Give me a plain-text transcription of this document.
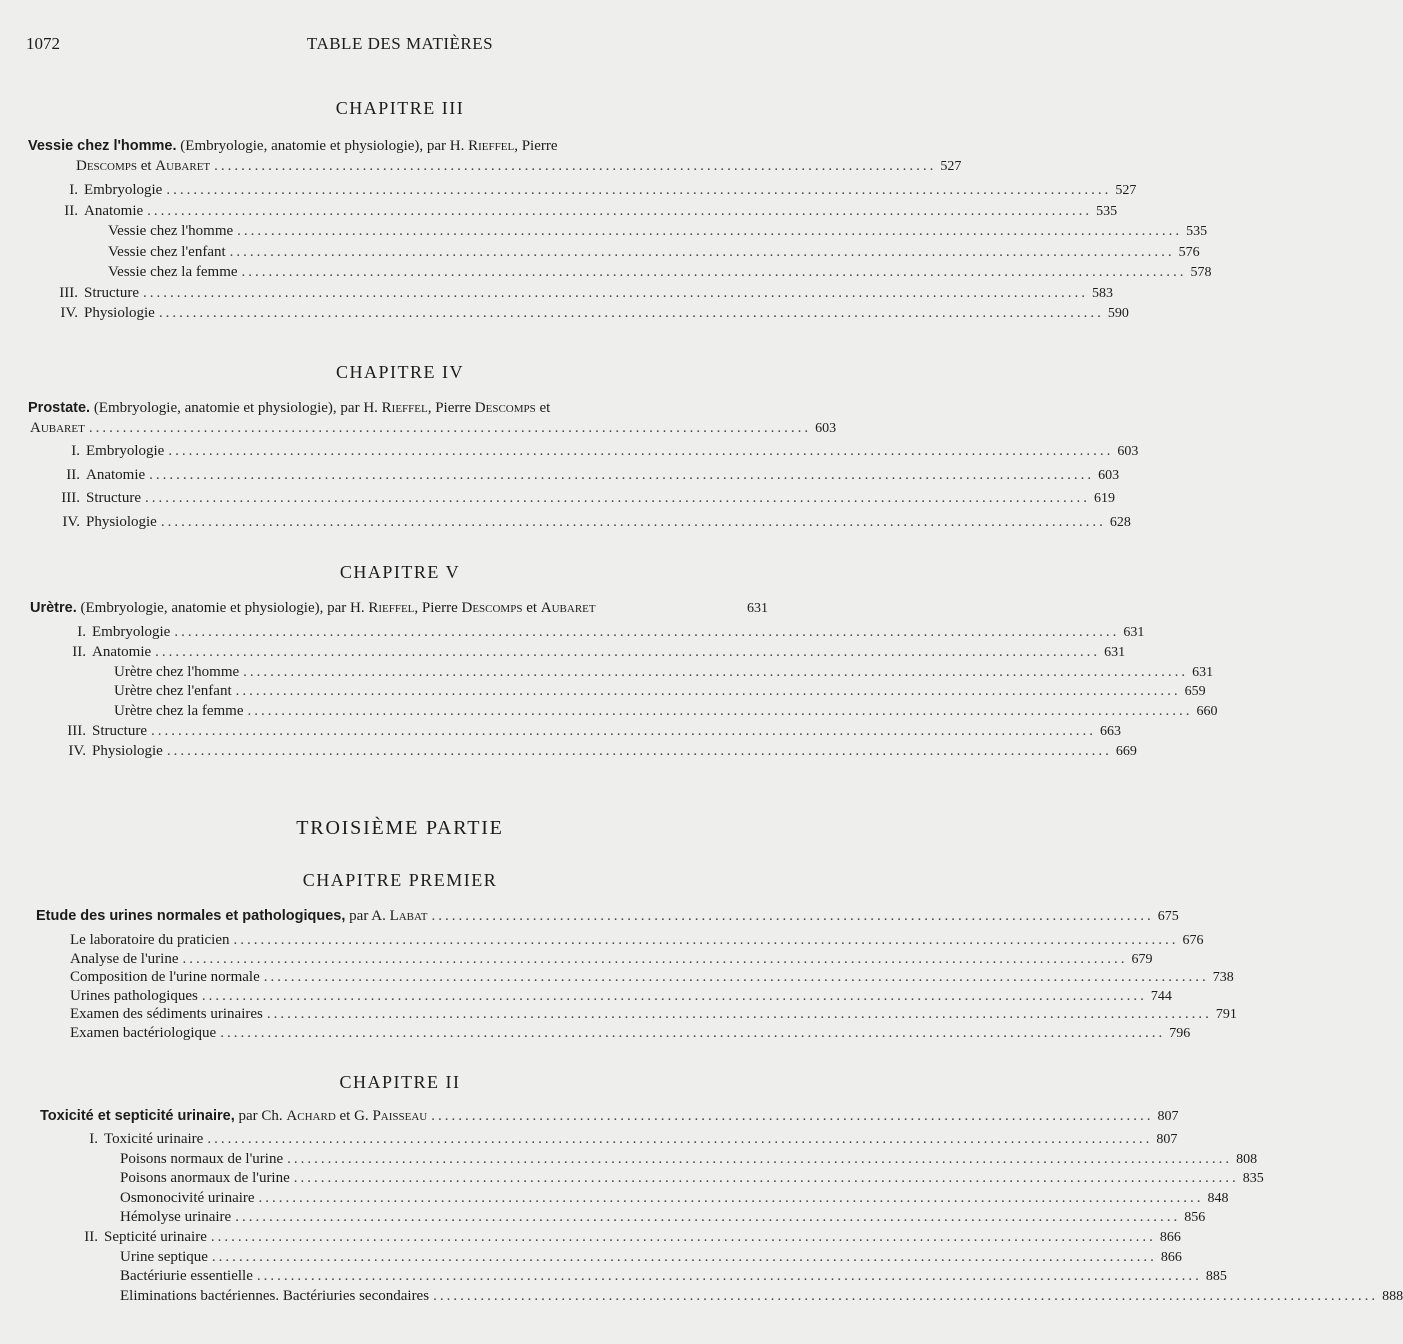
1072	TABLE DES MATIÈRES
CHAPITRE III
Vessie chez l'homme. (Embryologie, anatomie et physiologie), par H. Rieffel, Pierre
Descomps et Aubaret ........................................................................................................... 527
I. Embryologie ............................................................................................................................................ 527
II. Anatomie ............................................................................................................................................ 535
Vessie chez l'homme ............................................................................................................................................ 535
Vessie chez l'enfant ............................................................................................................................................ 576
Vessie chez la femme ............................................................................................................................................ 578
III. Structure ............................................................................................................................................ 583
IV. Physiologie ............................................................................................................................................ 590
CHAPITRE IV
Prostate. (Embryologie, anatomie et physiologie), par H. Rieffel, Pierre Descomps et
Aubaret ........................................................................................................... 603
I. Embryologie ............................................................................................................................................ 603
II. Anatomie ............................................................................................................................................ 603
III. Structure ............................................................................................................................................ 619
IV. Physiologie ............................................................................................................................................ 628
CHAPITRE V
Urètre. (Embryologie, anatomie et physiologie), par H. Rieffel, Pierre Descomps et Aubaret	631
I. Embryologie ............................................................................................................................................ 631
II. Anatomie ............................................................................................................................................ 631
Urètre chez l'homme ............................................................................................................................................ 631
Urètre chez l'enfant ............................................................................................................................................ 659
Urètre chez la femme ............................................................................................................................................ 660
III. Structure ............................................................................................................................................ 663
IV. Physiologie ............................................................................................................................................ 669
TROISIÈME PARTIE
CHAPITRE PREMIER
Etude des urines normales et pathologiques, par A. Labat ........................................................................................................... 675
Le laboratoire du praticien ............................................................................................................................................ 676
Analyse de l'urine ............................................................................................................................................ 679
Composition de l'urine normale ............................................................................................................................................ 738
Urines pathologiques ............................................................................................................................................ 744
Examen des sédiments urinaires ............................................................................................................................................ 791
Examen bactériologique ............................................................................................................................................ 796
CHAPITRE II
Toxicité et septicité urinaire, par Ch. Achard et G. Paisseau ........................................................................................................... 807
I. Toxicité urinaire ............................................................................................................................................ 807
Poisons normaux de l'urine ............................................................................................................................................ 808
Poisons anormaux de l'urine ............................................................................................................................................ 835
Osmonocivité urinaire ............................................................................................................................................ 848
Hémolyse urinaire ............................................................................................................................................ 856
II. Septicité urinaire ............................................................................................................................................ 866
Urine septique ............................................................................................................................................ 866
Bactériurie essentielle ............................................................................................................................................ 885
Eliminations bactériennes. Bactériuries secondaires ............................................................................................................................................ 888
